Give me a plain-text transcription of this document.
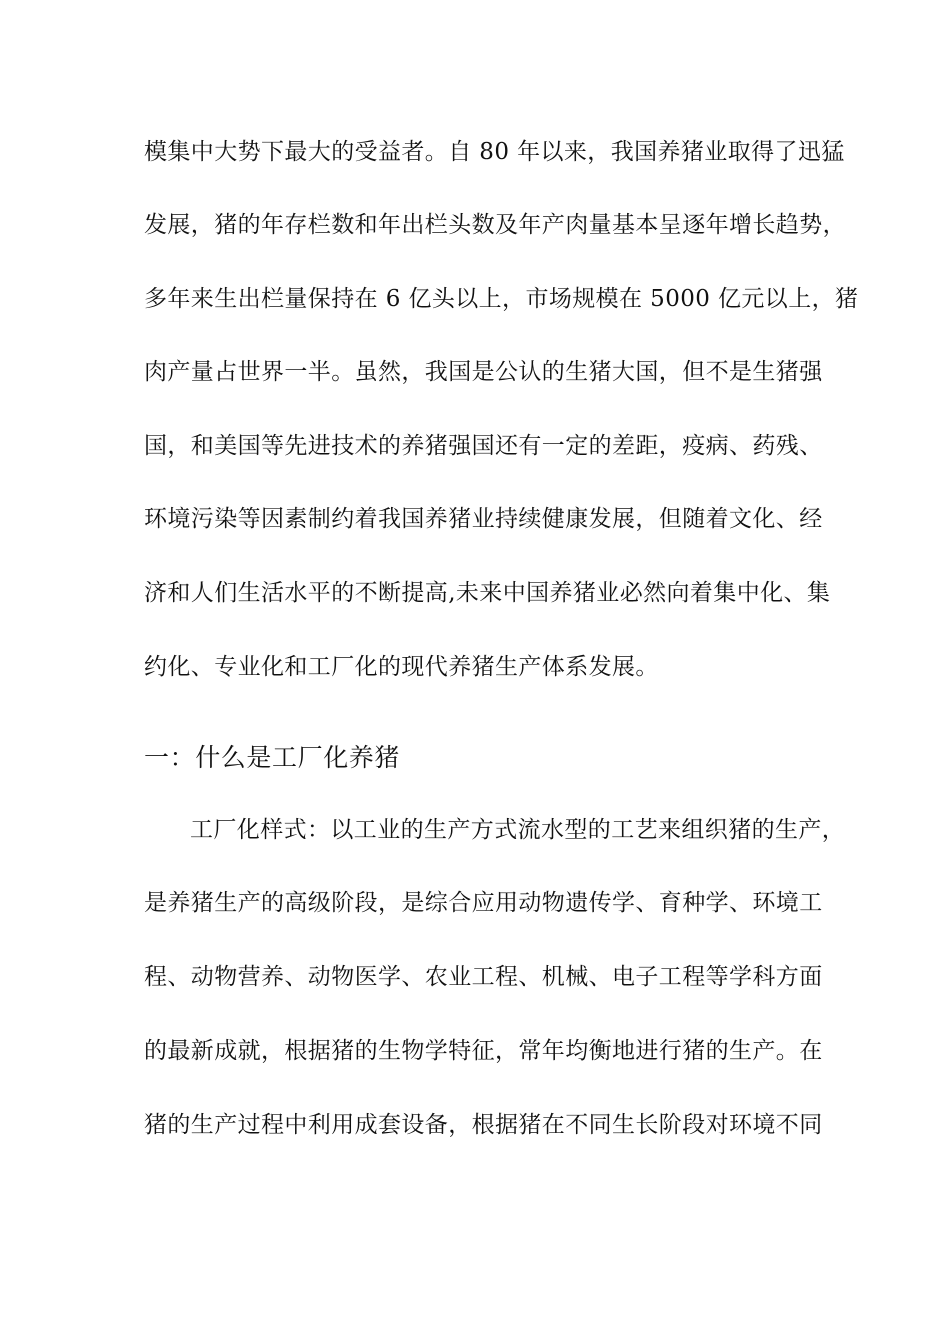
模集中大势下最大的受益者。自 80 年以来，我国养猪业取得了迅猛
发展，猪的年存栏数和年出栏头数及年产肉量基本呈逐年增长趋势，
多年来生出栏量保持在 6 亿头以上，市场规模在 5000 亿元以上，猪
肉产量占世界一半。虽然，我国是公认的生猪大国，但不是生猪强
国，和美国等先进技术的养猪强国还有一定的差距，疫病、药残、
环境污染等因素制约着我国养猪业持续健康发展，但随着文化、经
济和人们生活水平的不断提高,未来中国养猪业必然向着集中化、集
约化、专业化和工厂化的现代养猪生产体系发展。
一：什么是工厂化养猪
工厂化样式：以工业的生产方式流水型的工艺来组织猪的生产，
是养猪生产的高级阶段，是综合应用动物遗传学、育种学、环境工
程、动物营养、动物医学、农业工程、机械、电子工程等学科方面
的最新成就，根据猪的生物学特征，常年均衡地进行猪的生产。在
猪的生产过程中利用成套设备，根据猪在不同生长阶段对环境不同
